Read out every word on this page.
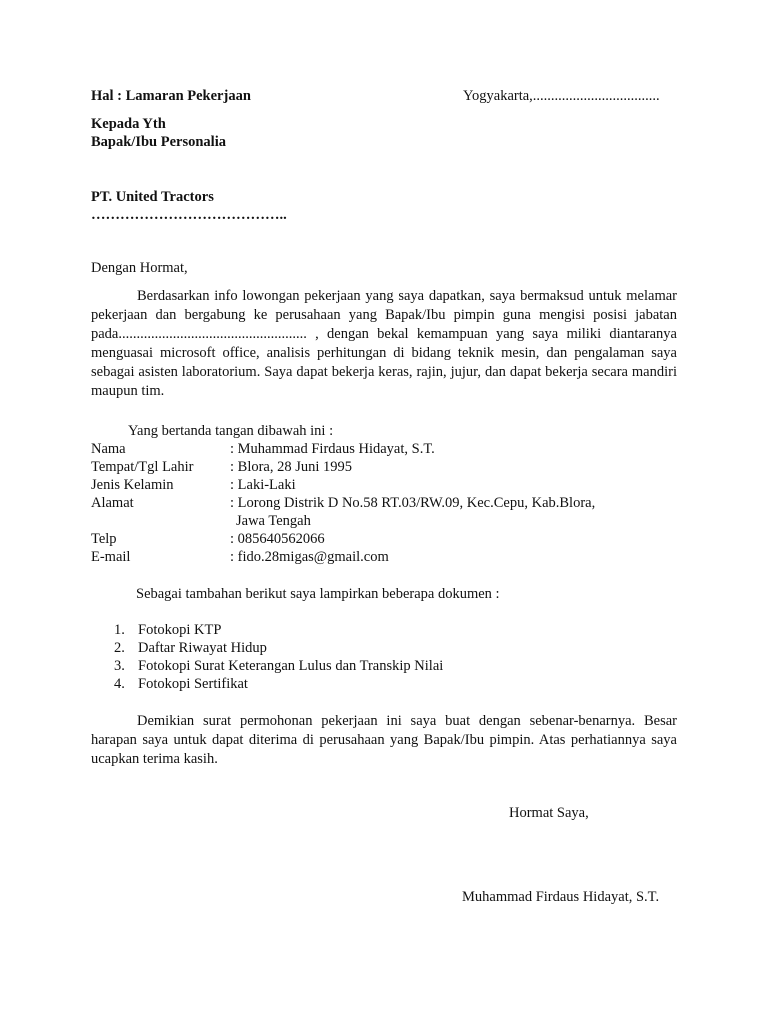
Hal : Lamaran Pekerjaan	Yogyakarta,...................................
Kepada Yth
Bapak/Ibu Personalia
PT. United Tractors
…………………………………..
Dengan Hormat,
Berdasarkan info lowongan pekerjaan yang saya dapatkan, saya bermaksud untuk melamar pekerjaan dan bergabung ke perusahaan yang Bapak/Ibu pimpin guna mengisi posisi jabatan pada.................................................... , dengan bekal kemampuan yang saya miliki diantaranya menguasai microsoft office, analisis perhitungan di bidang teknik mesin, dan pengalaman saya sebagai asisten laboratorium. Saya dapat bekerja keras, rajin, jujur, dan dapat bekerja secara mandiri maupun tim.
Yang bertanda tangan dibawah ini :
Nama	: Muhammad Firdaus Hidayat, S.T.
Tempat/Tgl Lahir	: Blora, 28 Juni 1995
Jenis Kelamin	: Laki-Laki
Alamat	: Lorong Distrik D No.58 RT.03/RW.09, Kec.Cepu, Kab.Blora,
Jawa Tengah
Telp	: 085640562066
E-mail	: fido.28migas@gmail.com
Sebagai tambahan berikut saya lampirkan beberapa dokumen :
1. Fotokopi KTP
2. Daftar Riwayat Hidup
3. Fotokopi Surat Keterangan Lulus dan Transkip Nilai
4. Fotokopi Sertifikat
Demikian surat permohonan pekerjaan ini saya buat dengan sebenar-benarnya. Besar harapan saya untuk dapat diterima di perusahaan yang Bapak/Ibu pimpin. Atas perhatiannya saya ucapkan terima kasih.
Hormat Saya,
Muhammad Firdaus Hidayat, S.T.
